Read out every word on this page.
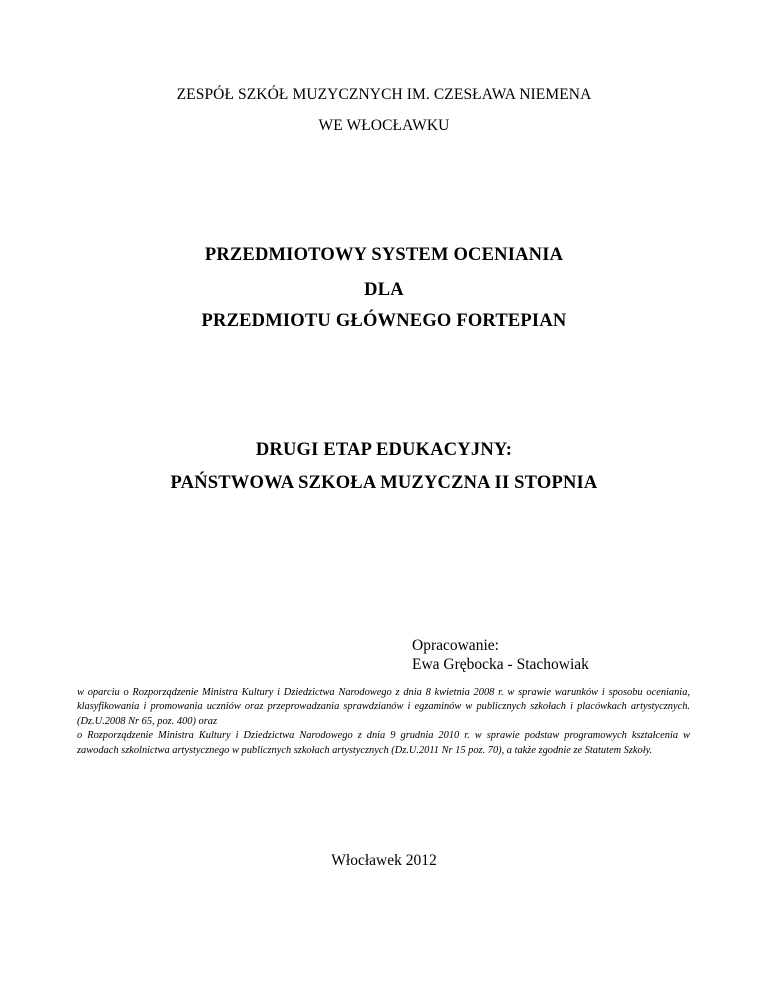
ZESPÓŁ SZKÓŁ MUZYCZNYCH IM. CZESŁAWA NIEMENA
WE WŁOCŁAWKU
PRZEDMIOTOWY SYSTEM OCENIANIA
DLA
PRZEDMIOTU GŁÓWNEGO FORTEPIAN
DRUGI ETAP EDUKACYJNY:
PAŃSTWOWA SZKOŁA MUZYCZNA II STOPNIA
Opracowanie:
Ewa Grębocka - Stachowiak

w oparciu o Rozporządzenie Ministra Kultury i Dziedzictwa Narodowego z dnia 8 kwietnia 2008 r. w sprawie warunków i sposobu oceniania, klasyfikowania i promowania uczniów oraz przeprowadzania sprawdzianów i egzaminów w publicznych szkołach i placówkach artystycznych. (Dz.U.2008 Nr 65, poz. 400) oraz

o Rozporządzenie Ministra Kultury i Dziedzictwa Narodowego z dnia 9 grudnia 2010 r. w sprawie podstaw programowych kształcenia w zawodach szkolnictwa artystycznego w publicznych szkołach artystycznych (Dz.U.2011 Nr 15 poz. 70), a także zgodnie ze Statutem Szkoły.

Włocławek 2012
